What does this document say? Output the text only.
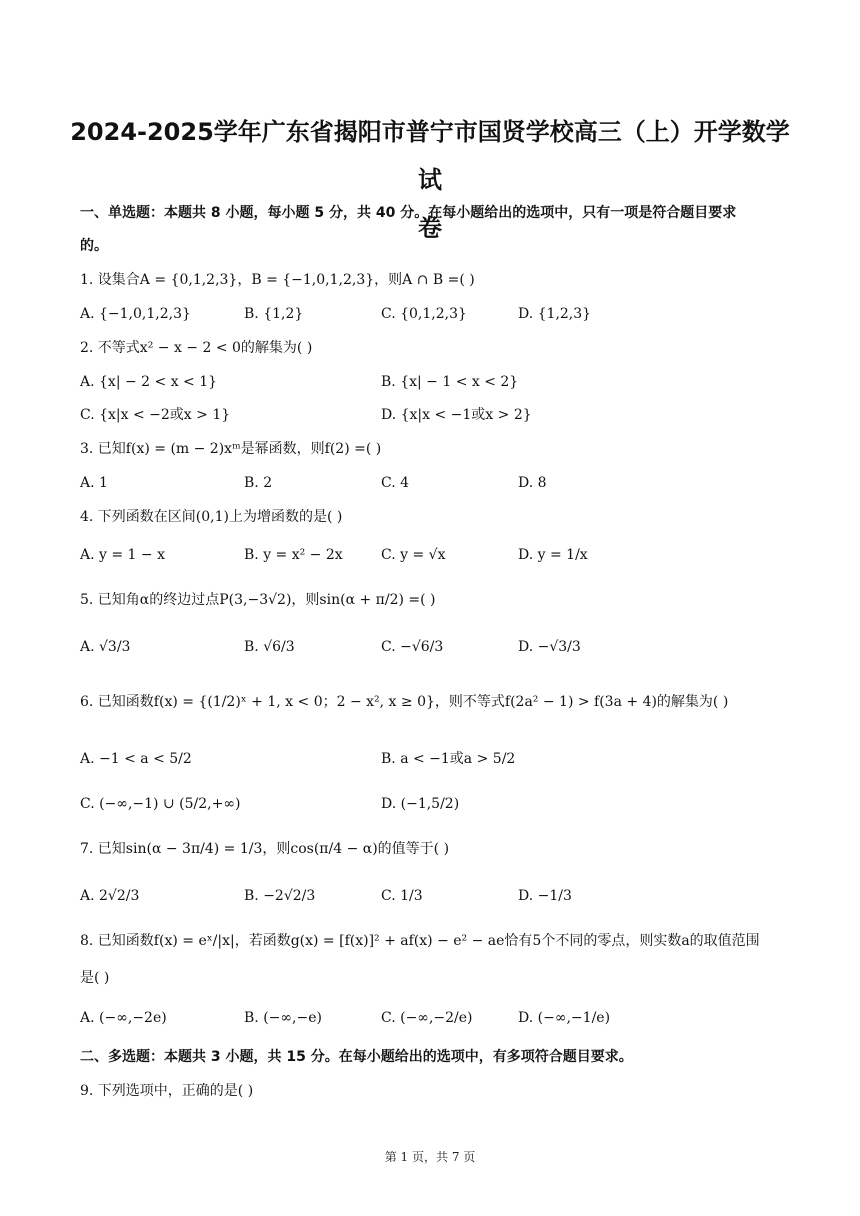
2024-2025学年广东省揭阳市普宁市国贤学校高三（上）开学数学试
卷
一、单选题：本题共 8 小题，每小题 5 分，共 40 分。在每小题给出的选项中，只有一项是符合题目要求
的。
1. 设集合A = {0,1,2,3}，B = {−1,0,1,2,3}，则A ∩ B =( )
A. {−1,0,1,2,3}	B. {1,2}	C. {0,1,2,3}	D. {1,2,3}
2. 不等式x² − x − 2 < 0的解集为( )
A. {x| − 2 < x < 1}	B. {x| − 1 < x < 2}
C. {x|x < −2或x > 1}	D. {x|x < −1或x > 2}
3. 已知f(x) = (m − 2)xᵐ是幂函数，则f(2) =( )
A. 1	B. 2	C. 4	D. 8
4. 下列函数在区间(0,1)上为增函数的是( )
A. y = 1 − x	B. y = x² − 2x	C. y = √x	D. y = 1/x
5. 已知角α的终边过点P(3,−3√2)，则sin(α + π/2) =( )
A. √3/3	B. √6/3	C. −√6/3	D. −√3/3
6. 已知函数f(x) = {(1/2)ˣ + 1, x < 0；2 − x², x ≥ 0}，则不等式f(2a² − 1) > f(3a + 4)的解集为( )
A. −1 < a < 5/2	B. a < −1或a > 5/2
C. (−∞,−1) ∪ (5/2,+∞)	D. (−1,5/2)
7. 已知sin(α − 3π/4) = 1/3，则cos(π/4 − α)的值等于( )
A. 2√2/3	B. −2√2/3	C. 1/3	D. −1/3
8. 已知函数f(x) = eˣ/|x|，若函数g(x) = [f(x)]² + af(x) − e² − ae恰有5个不同的零点，则实数a的取值范围
是( )
A. (−∞,−2e)	B. (−∞,−e)	C. (−∞,−2/e)	D. (−∞,−1/e)
二、多选题：本题共 3 小题，共 15 分。在每小题给出的选项中，有多项符合题目要求。
9. 下列选项中，正确的是( )
第 1 页，共 7 页
